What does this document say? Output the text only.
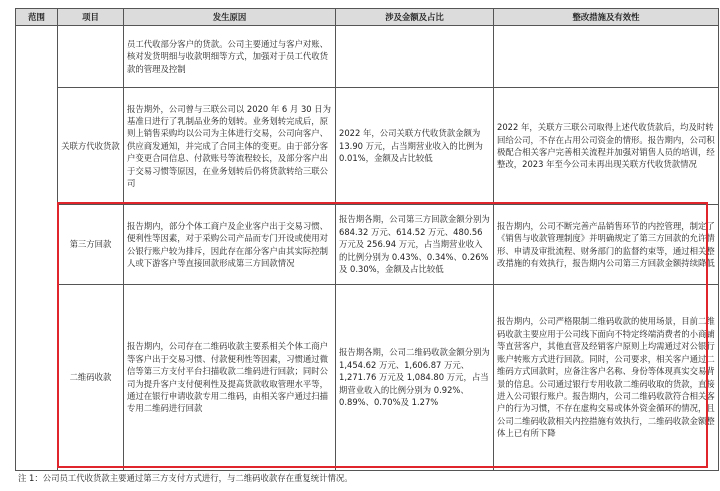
范围	项目	发生原因	涉及金额及占比	整改措施及有效性
		员工代收部分客户的货款。公司主要通过与客户对账、核对发货明细与收款明细等方式，加强对于员工代收货款的管理及控制		
	关联方代收货款	报告期外，公司曾与三联公司以 2020 年 6 月 30 日为基准日进行了乳制品业务的划转。业务划转完成后，原则上销售采购均以公司为主体进行交易，公司向客户、供应商发通知，并完成了合同主体的变更。由于部分客户变更合同信息、付款账号等流程较长，及部分客户出于交易习惯等原因，在业务划转后仍将货款转给三联公司	2022 年，公司关联方代收货款金额为 13.90 万元，占当期营业收入的比例为 0.01%，金额及占比较低	2022 年，关联方三联公司取得上述代收货款后，均及时转回给公司，不存在占用公司资金的情形。报告期内，公司积极配合相关客户完善相关流程并加强对销售人员的培训，经整改，2023 年至今公司未再出现关联方代收货款情况
	第三方回款	报告期内，部分个体工商户及企业客户出于交易习惯、便利性等因素，对于采购公司产品而专门开设或使用对公银行账户较为排斥，因此存在部分客户由其实际控制人或下游客户等直接回款形成第三方回款情况	报告期各期，公司第三方回款金额分别为 684.32 万元、614.52 万元、480.56 万元及 256.94 万元，占当期营业收入的比例分别为 0.43%、0.34%、0.26% 及 0.30%，金额及占比较低	报告期内，公司不断完善产品销售环节的内控管理，制定了《销售与收款管理制度》并明确规定了第三方回款的允许情形、申请及审批流程、财务部门的监督约束等，通过相关整改措施的有效执行，报告期内公司第三方回款金额持续降低
	二维码收款	报告期内，公司存在二维码收款主要系相关个体工商户等客户出于交易习惯、付款便利性等因素，习惯通过微信等第三方支付平台扫描收款二维码进行回款；同时公司为提升客户支付便利性及提高货款收取管理水平等，通过在银行申请收款专用二维码，由相关客户通过扫描专用二维码进行回款	报告期各期，公司二维码收款金额分别为 1,454.62 万元、1,606.87 万元、1,271.76 万元及 1,084.80 万元，占当期营业收入的比例分别为 0.92%、0.89%、0.70%及 1.27%	报告期内，公司严格限制二维码收款的使用场景，目前二维码收款主要应用于公司线下面向不特定终端消费者的小商铺等直营客户，其他直营及经销客户原则上均需通过对公银行账户转账方式进行回款。同时，公司要求，相关客户通过二维码方式回款时，应备注客户名称、身份等体现真实交易背景的信息。公司通过银行专用收款二维码收取的货款，直接进入公司银行账户。报告期内，公司二维码收款符合相关客户的行为习惯，不存在虚构交易或体外资金循环的情况，且公司二维码收款相关内控措施有效执行，二维码收款金额整体上已有所下降
注 1：公司员工代收货款主要通过第三方支付方式进行，与二维码收款存在重复统计情况。
